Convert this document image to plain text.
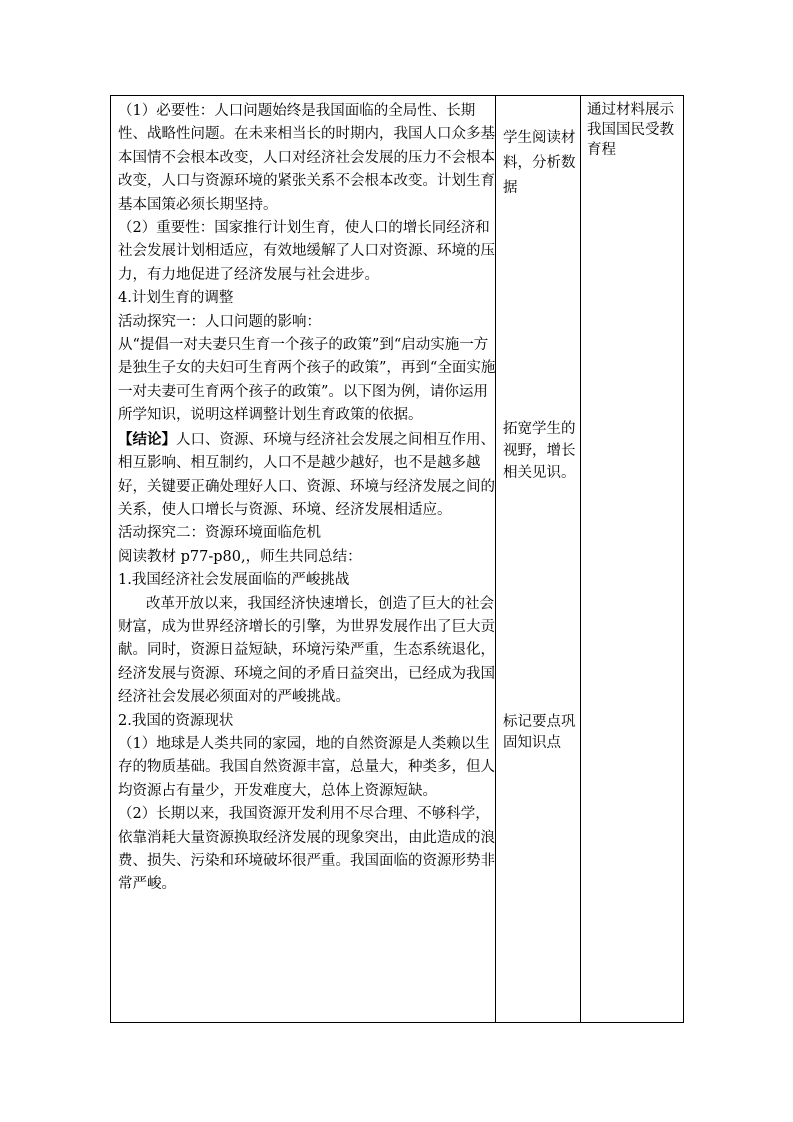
（1）必要性：人口问题始终是我国面临的全局性、长期性、战略性问题。在未来相当长的时期内，我国人口众多基本国情不会根本改变，人口对经济社会发展的压力不会根本改变，人口与资源环境的紧张关系不会根本改变。计划生育基本国策必须长期坚持。

（2）重要性：国家推行计划生育，使人口的增长同经济和社会发展计划相适应，有效地缓解了人口对资源、环境的压力，有力地促进了经济发展与社会进步。

4.计划生育的调整

活动探究一：人口问题的影响：

从“提倡一对夫妻只生育一个孩子的政策”到“启动实施一方是独生子女的夫妇可生育两个孩子的政策”，再到“全面实施一对夫妻可生育两个孩子的政策”。以下图为例，请你运用所学知识，说明这样调整计划生育政策的依据。

【结论】人口、资源、环境与经济社会发展之间相互作用、相互影响、相互制约，人口不是越少越好，也不是越多越好，关键要正确处理好人口、资源、环境与经济发展之间的关系，使人口增长与资源、环境、经济发展相适应。

活动探究二：资源环境面临危机

阅读教材 p77-p80,，师生共同总结：

1.我国经济社会发展面临的严峻挑战

改革开放以来，我国经济快速增长，创造了巨大的社会财富，成为世界经济增长的引擎，为世界发展作出了巨大贡献。同时，资源日益短缺，环境污染严重，生态系统退化，经济发展与资源、环境之间的矛盾日益突出，已经成为我国经济社会发展必须面对的严峻挑战。

2.我国的资源现状

（1）地球是人类共同的家园，地的自然资源是人类赖以生存的物质基础。我国自然资源丰富，总量大，种类多，但人均资源占有量少，开发难度大，总体上资源短缺。

（2）长期以来，我国资源开发利用不尽合理、不够科学，依靠消耗大量资源换取经济发展的现象突出，由此造成的浪费、损失、污染和环境破坏很严重。我国面临的资源形势非常严峻。

学生阅读材料，分析数据
拓宽学生的视野，增长相关见识。
标记要点巩固知识点
通过材料展示我国国民受教育程
